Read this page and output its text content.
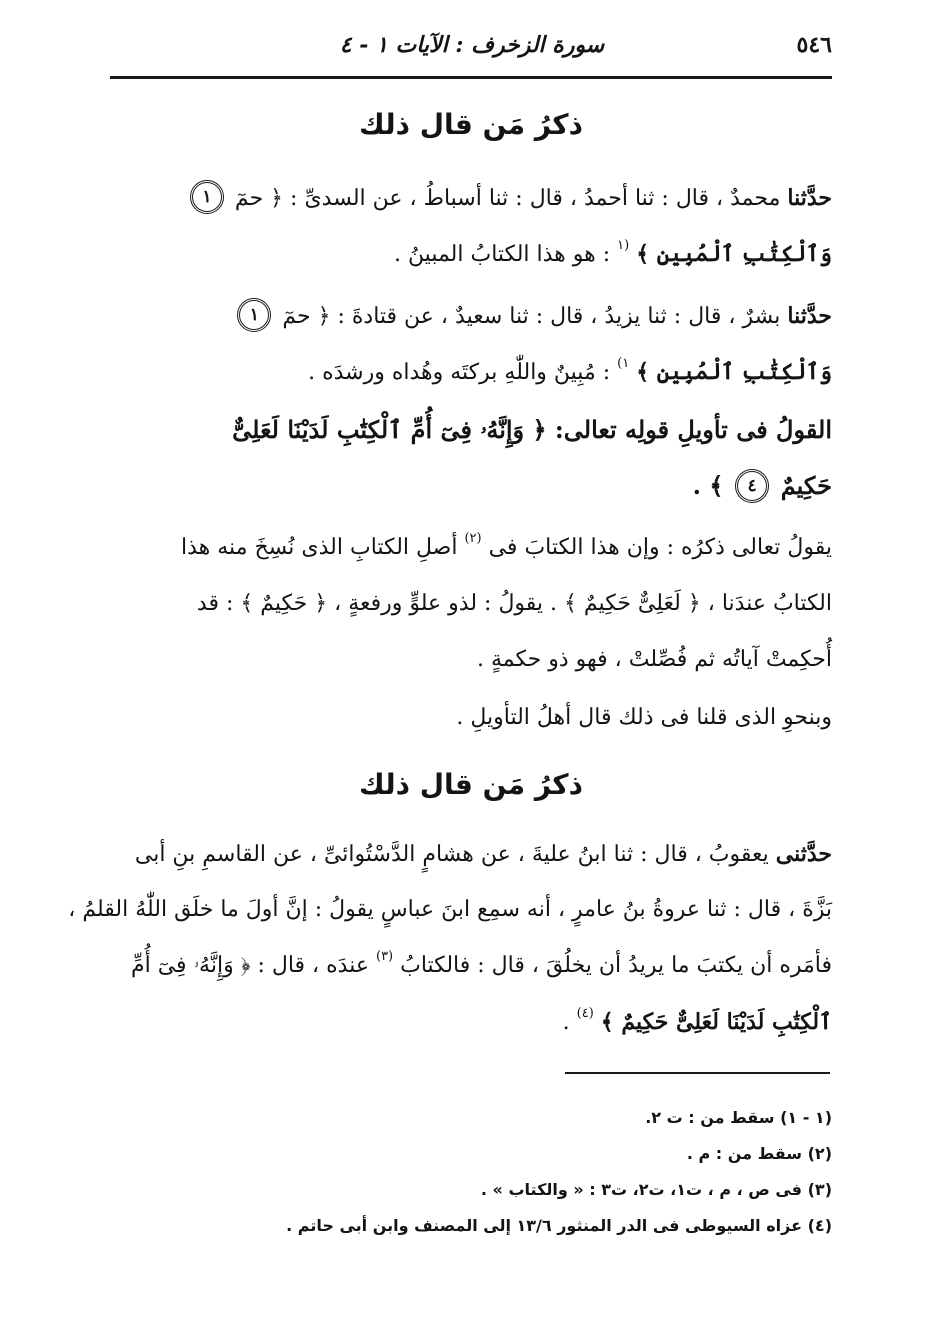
٥٤٦
سورة الزخرف : الآيات ١ - ٤
ذكرُ مَن قال ذلك
حدَّثنا محمدٌ ، قال : ثنا أحمدُ ، قال : ثنا أسباطُ ، عن السدىِّ : ﴿ حمٓ ١
وَٱلْكِتَٰبِ ٱلْمُبِينِ ﴾ $^{(١}$ : هو هذا الكتابُ المبينُ .
حدَّثنا بشرٌ ، قال : ثنا يزيدُ ، قال : ثنا سعيدٌ ، عن قتادةَ : ﴿ حمٓ ١
وَٱلْكِتَٰبِ ٱلْمُبِينِ ﴾ $^{١)}$ : مُبِينٌ واللّٰهِ بركتَه وهُداه ورشدَه .
القولُ فى تأويلِ قولِه تعالى: ﴿ وَإِنَّهُۥ فِىٓ أُمِّ ٱلْكِتَٰبِ لَدَيْنَا لَعَلِىٌّ
حَكِيمٌ ٤ ﴾ .
يقولُ تعالى ذكرُه : وإن هذا الكتابَ فى $^{(٢)}$ أصلِ الكتابِ الذى نُسِخَ منه هذا
الكتابُ عندَنا ، ﴿ لَعَلِىٌّ حَكِيمٌ ﴾ . يقولُ : لذو علوٍّ ورفعةٍ ، ﴿ حَكِيمٌ ﴾ : قد
أُحكِمتْ آياتُه ثم فُصِّلتْ ، فهو ذو حكمةٍ .
وبنحوِ الذى قلنا فى ذلك قال أهلُ التأويلِ .
ذكرُ مَن قال ذلك
حدَّثنى يعقوبُ ، قال : ثنا ابنُ عليةَ ، عن هشامٍ الدَّسْتُوائىِّ ، عن القاسمِ بنِ أبى
بَزَّةَ ، قال : ثنا عروةُ بنُ عامرٍ ، أنه سمِع ابنَ عباسٍ يقولُ : إنَّ أولَ ما خلَق اللّٰهُ القلمُ ،
فأمَره أن يكتبَ ما يريدُ أن يخلُقَ ، قال : فالكتابُ $^{(٣)}$ عندَه ، قال : ﴿ وَإِنَّهُۥ فِىٓ أُمِّ
ٱلْكِتَٰبِ لَدَيْنَا لَعَلِىٌّ حَكِيمٌ ﴾ $^{(٤)}$ .
(١ - ١) سقط من : ت ٢.
(٢) سقط من : م .
(٣) فى ص ، م ، ت١، ت٢، ت٣ : « والكتاب » .
(٤) عزاه السيوطى فى الدر المنثور ١٣/٦ إلى المصنف وابن أبى حاتم .
